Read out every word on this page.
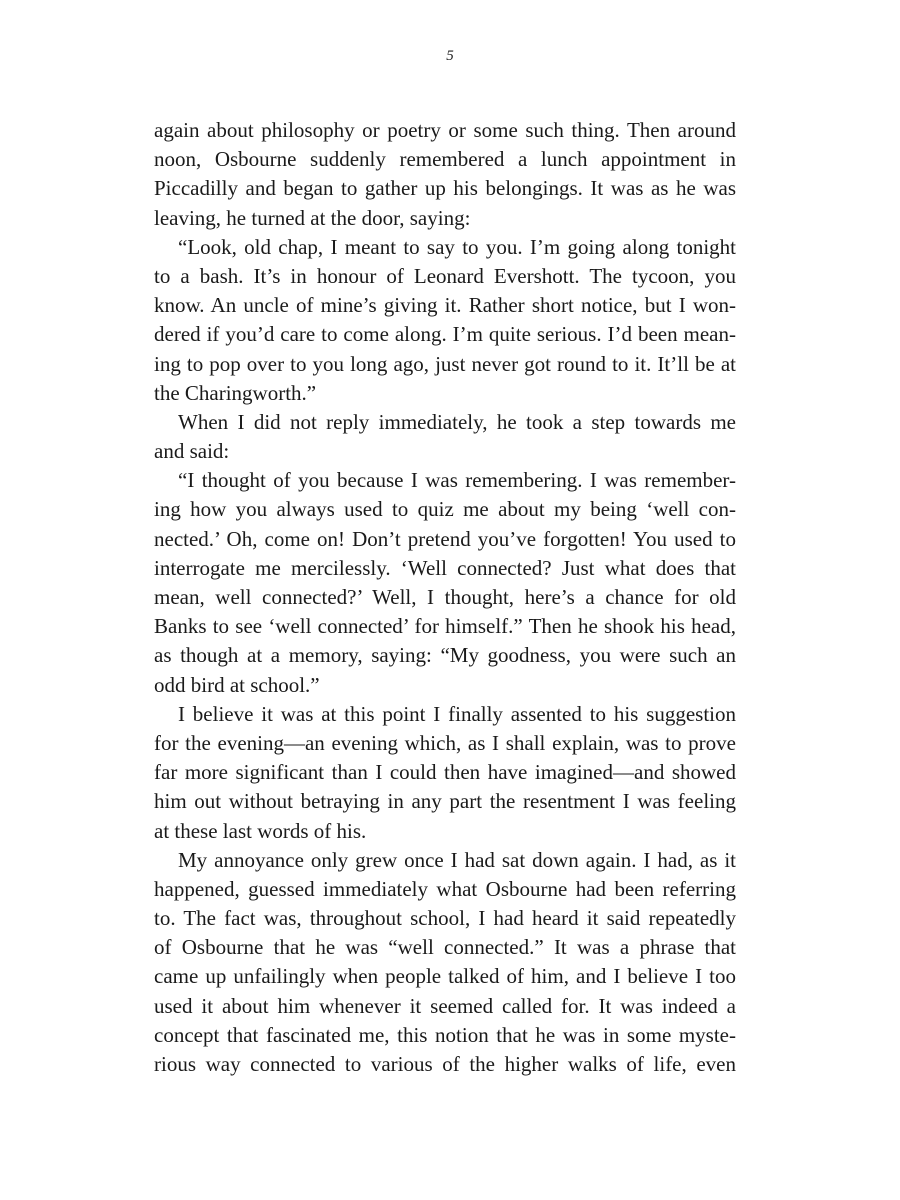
5
again about philosophy or poetry or some such thing. Then around
noon, Osbourne suddenly remembered a lunch appointment in
Piccadilly and began to gather up his belongings. It was as he was
leaving, he turned at the door, saying:
“Look, old chap, I meant to say to you. I’m going along tonight
to a bash. It’s in honour of Leonard Evershott. The tycoon, you
know. An uncle of mine’s giving it. Rather short notice, but I won-
dered if you’d care to come along. I’m quite serious. I’d been mean-
ing to pop over to you long ago, just never got round to it. It’ll be at
the Charingworth.”
When I did not reply immediately, he took a step towards me
and said:
“I thought of you because I was remembering. I was remember-
ing how you always used to quiz me about my being ‘well con-
nected.’ Oh, come on! Don’t pretend you’ve forgotten! You used to
interrogate me mercilessly. ‘Well connected? Just what does that
mean, well connected?’ Well, I thought, here’s a chance for old
Banks to see ‘well connected’ for himself.” Then he shook his head,
as though at a memory, saying: “My goodness, you were such an
odd bird at school.”
I believe it was at this point I finally assented to his suggestion
for the evening—an evening which, as I shall explain, was to prove
far more significant than I could then have imagined—and showed
him out without betraying in any part the resentment I was feeling
at these last words of his.
My annoyance only grew once I had sat down again. I had, as it
happened, guessed immediately what Osbourne had been referring
to. The fact was, throughout school, I had heard it said repeatedly
of Osbourne that he was “well connected.” It was a phrase that
came up unfailingly when people talked of him, and I believe I too
used it about him whenever it seemed called for. It was indeed a
concept that fascinated me, this notion that he was in some myste-
rious way connected to various of the higher walks of life, even
